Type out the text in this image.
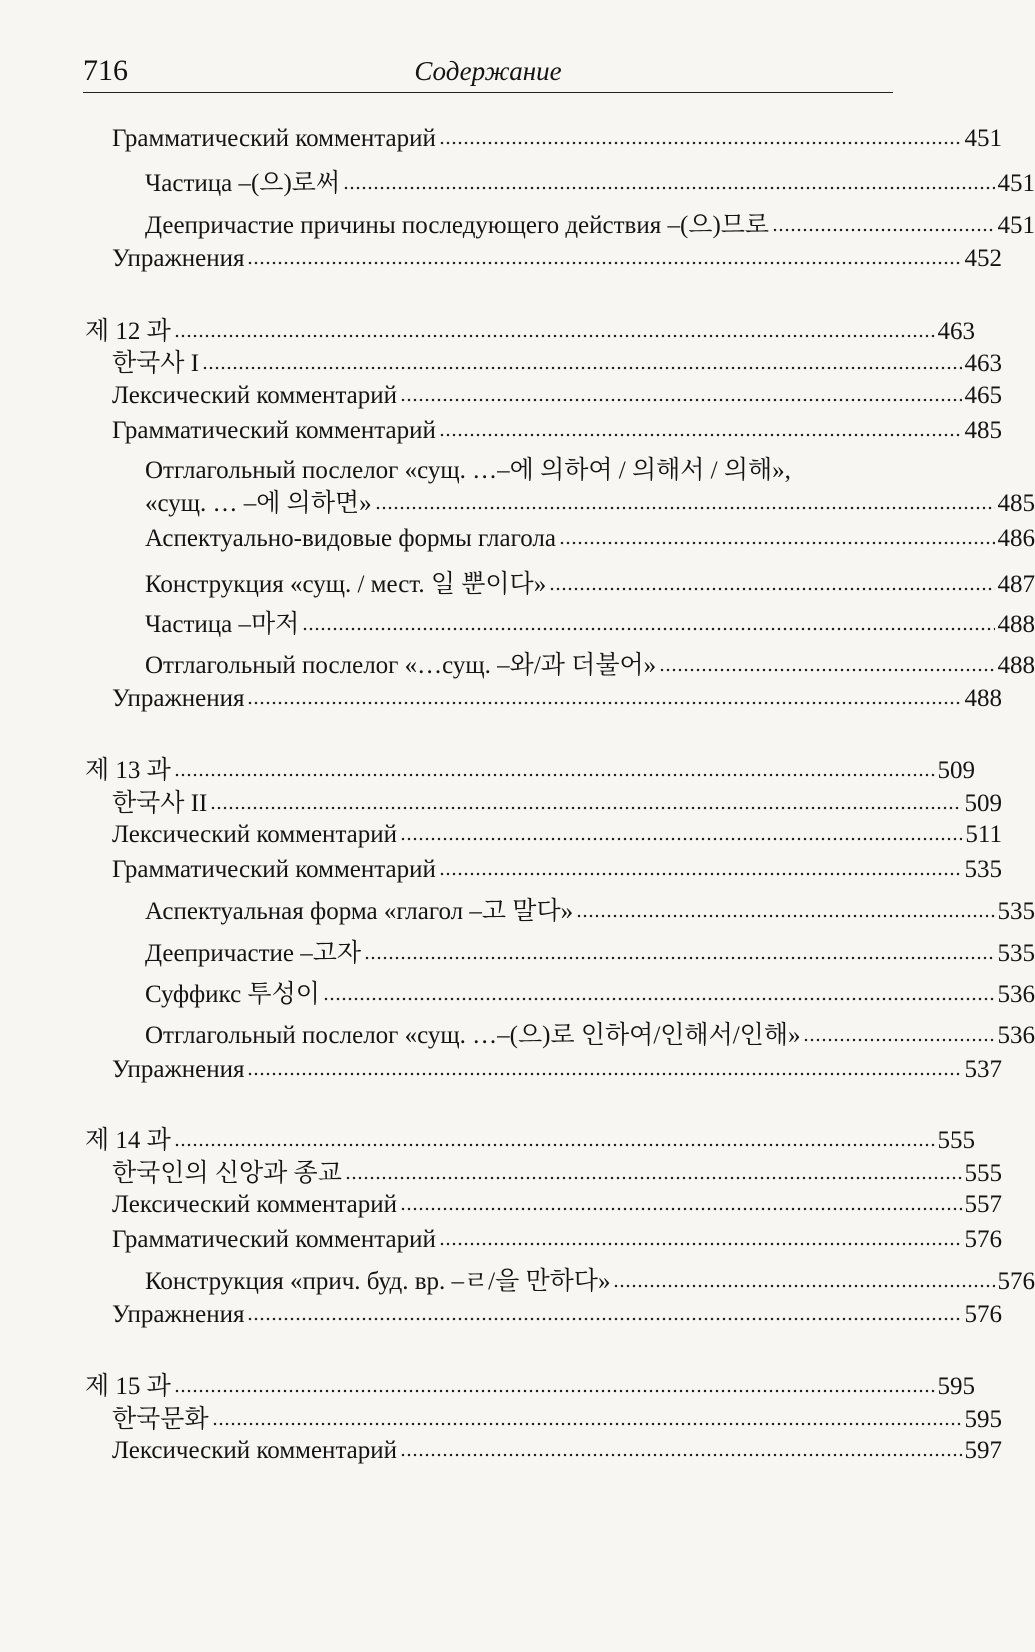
716	Содержание
Грамматический комментарий	451
Частица –(으)로써	451
Деепричастие причины последующего действия –(으)므로	451
Упражнения	452
제 12 과	463
한국사 I	463
Лексический комментарий	465
Грамматический комментарий	485
Отглагольный послелог «сущ. …–에 의하여 / 의해서 / 의해»,
«сущ. … –에 의하면»	485
Аспектуально-видовые формы глагола	486
Конструкция «сущ. / мест. 일 뿐이다»	487
Частица –마저	488
Отглагольный послелог «…сущ. –와/과 더불어»	488
Упражнения	488
제 13 과	509
한국사 II	509
Лексический комментарий	511
Грамматический комментарий	535
Аспектуальная форма «глагол –고 말다»	535
Деепричастие –고자	535
Суффикс 투성이	536
Отглагольный послелог «сущ. …–(으)로 인하여/인해서/인해»	536
Упражнения	537
제 14 과	555
한국인의 신앙과 종교	555
Лексический комментарий	557
Грамматический комментарий	576
Конструкция «прич. буд. вр. –ㄹ/을 만하다»	576
Упражнения	576
제 15 과	595
한국문화	595
Лексический комментарий	597
